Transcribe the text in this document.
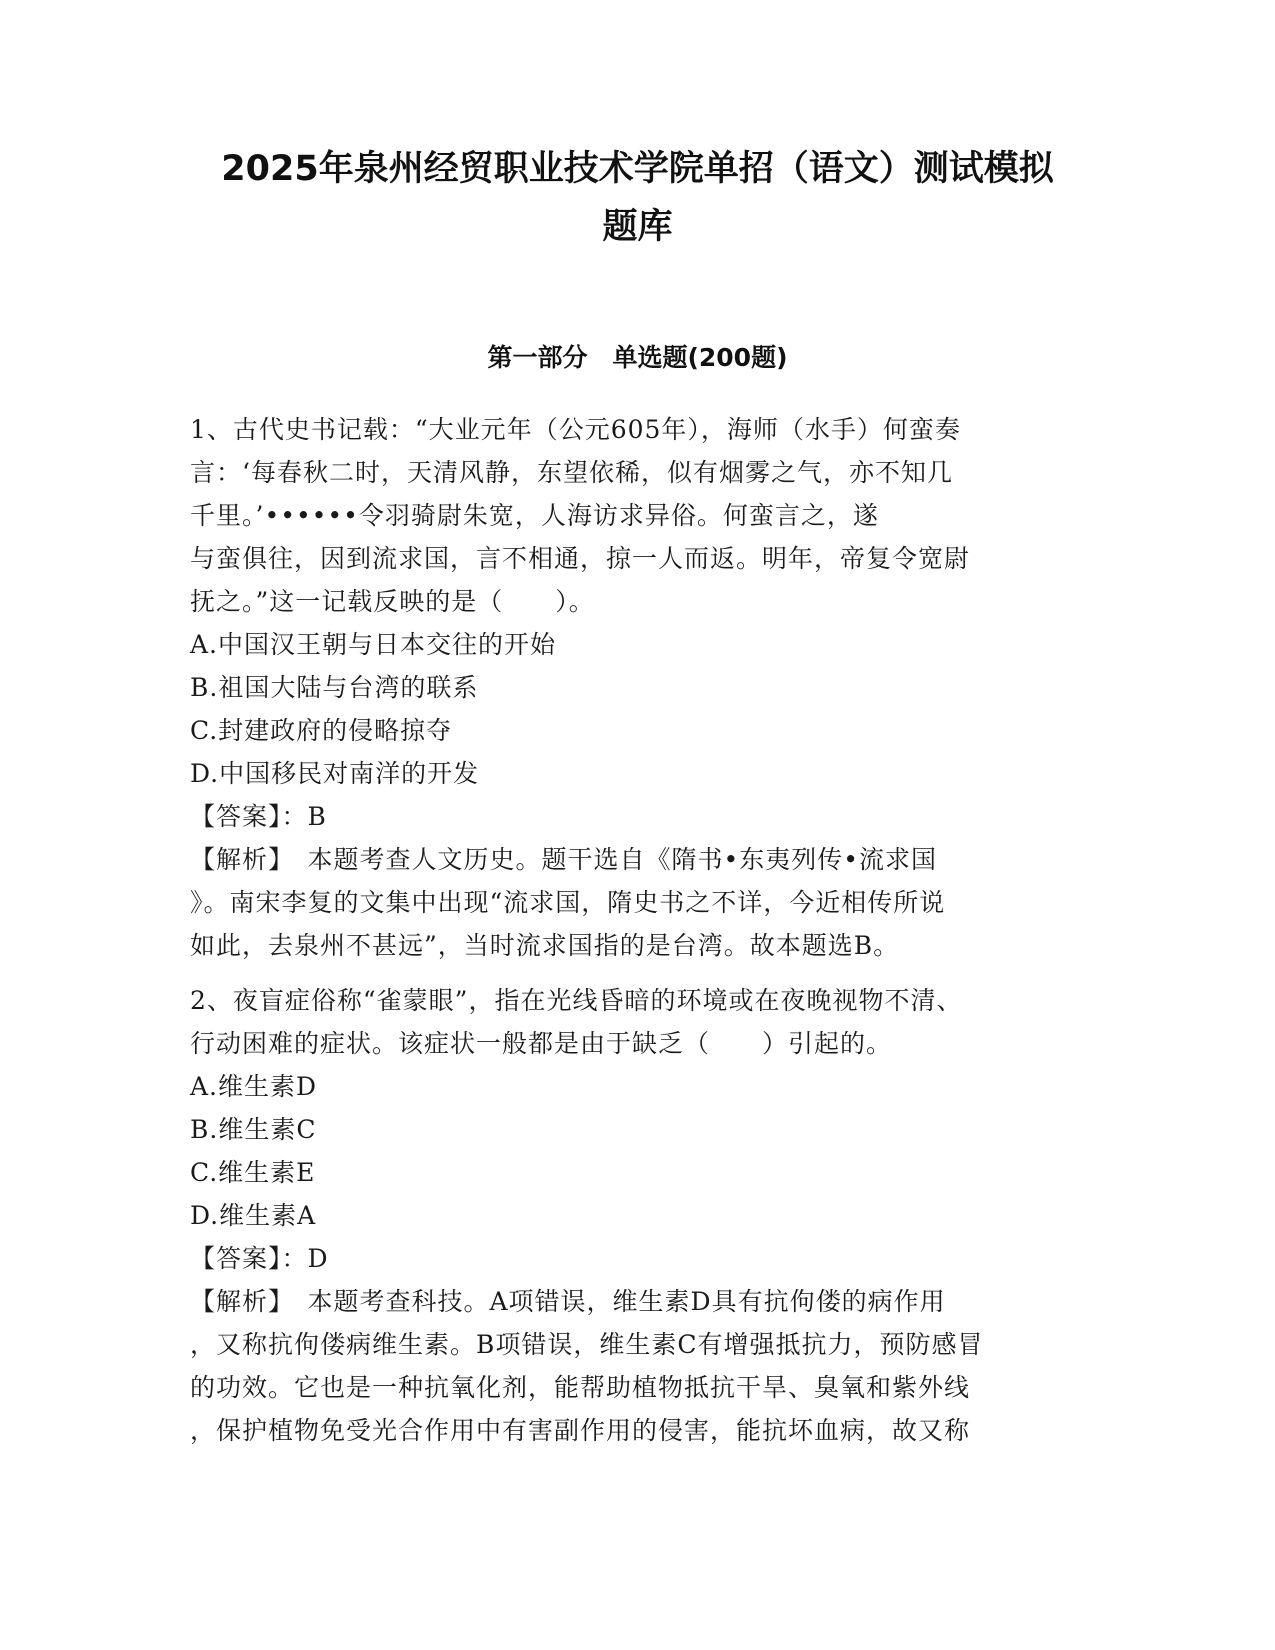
2025年泉州经贸职业技术学院单招（语文）测试模拟
题库
第一部分　单选题(200题)
1、古代史书记载：“大业元年（公元605年），海师（水手）何蛮奏
言：‘每春秋二时，天清风静，东望依稀，似有烟雾之气，亦不知几
千里。’••••••令羽骑尉朱宽，人海访求异俗。何蛮言之，遂
与蛮俱往，因到流求国，言不相通，掠一人而返。明年，帝复令宽尉
抚之。”这一记载反映的是（　　）。
A.中国汉王朝与日本交往的开始
B.祖国大陆与台湾的联系
C.封建政府的侵略掠夺
D.中国移民对南洋的开发
【答案】：B
【解析】　本题考查人文历史。题干选自《隋书•东夷列传•流求国
》。南宋李复的文集中出现“流求国，隋史书之不详，今近相传所说
如此，去泉州不甚远”，当时流求国指的是台湾。故本题选B。
2、夜盲症俗称“雀蒙眼”，指在光线昏暗的环境或在夜晚视物不清、
行动困难的症状。该症状一般都是由于缺乏（　　）引起的。
A.维生素D
B.维生素C
C.维生素E
D.维生素A
【答案】：D
【解析】　本题考查科技。A项错误，维生素D具有抗佝偻的病作用
，又称抗佝偻病维生素。B项错误，维生素C有增强抵抗力，预防感冒
的功效。它也是一种抗氧化剂，能帮助植物抵抗干旱、臭氧和紫外线
，保护植物免受光合作用中有害副作用的侵害，能抗坏血病，故又称
